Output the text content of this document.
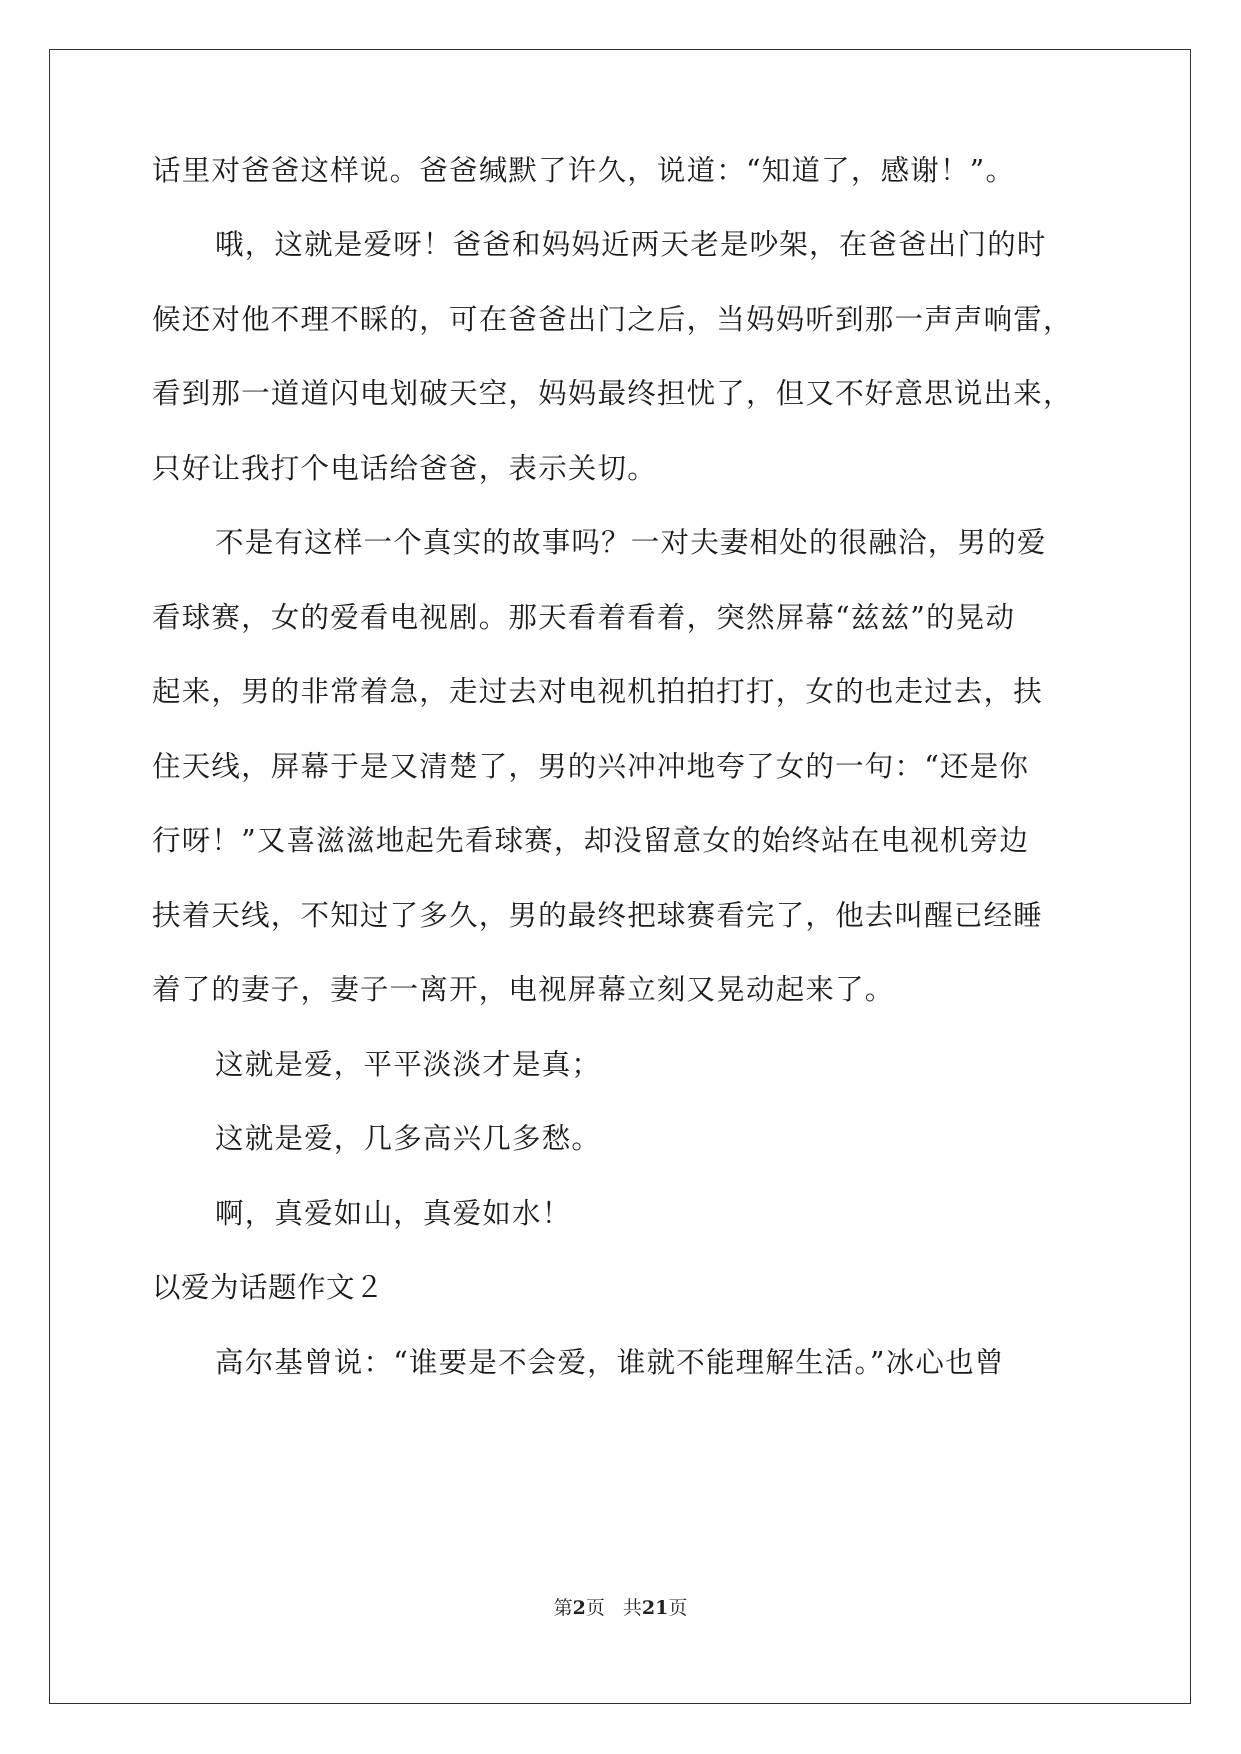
话里对爸爸这样说。爸爸缄默了许久，说道：“知道了，感谢！”。

哦，这就是爱呀！爸爸和妈妈近两天老是吵架，在爸爸出门的时

候还对他不理不睬的，可在爸爸出门之后，当妈妈听到那一声声响雷，

看到那一道道闪电划破天空，妈妈最终担忧了，但又不好意思说出来，

只好让我打个电话给爸爸，表示关切。

不是有这样一个真实的故事吗？一对夫妻相处的很融洽，男的爱

看球赛，女的爱看电视剧。那天看着看着，突然屏幕“兹兹”的晃动

起来，男的非常着急，走过去对电视机拍拍打打，女的也走过去，扶

住天线，屏幕于是又清楚了，男的兴冲冲地夸了女的一句：“还是你

行呀！”又喜滋滋地起先看球赛，却没留意女的始终站在电视机旁边

扶着天线，不知过了多久，男的最终把球赛看完了，他去叫醒已经睡

着了的妻子，妻子一离开，电视屏幕立刻又晃动起来了。

这就是爱，平平淡淡才是真；

这就是爱，几多高兴几多愁。

啊，真爱如山，真爱如水！

以爱为话题作文２

高尔基曾说：“谁要是不会爱，谁就不能理解生活。”冰心也曾

第2页 共21页
